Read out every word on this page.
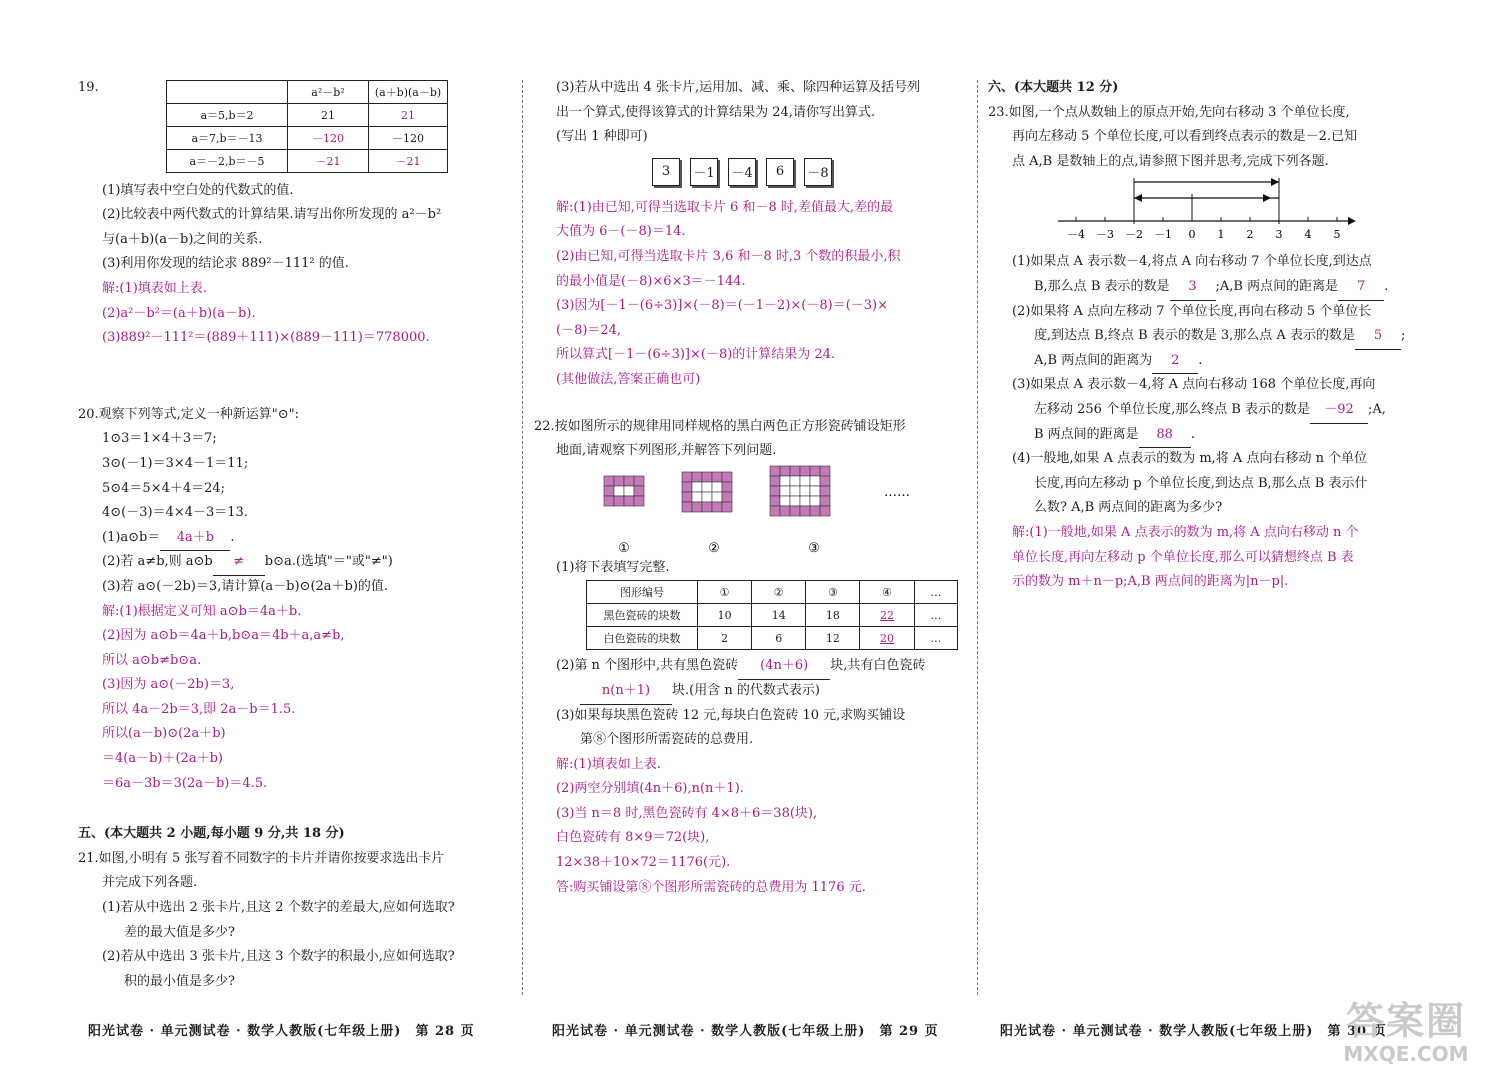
19.
		a²－b²	(a＋b)(a－b)
a＝5,b＝2	21	21
a＝7,b＝－13	－120	－120
a＝－2,b＝－5	－21	－21
(1)填写表中空白处的代数式的值.
(2)比较表中两代数式的计算结果.请写出你所发现的 a²－b²
与(a＋b)(a－b)之间的关系.
(3)利用你发现的结论求 889²－111² 的值.
解:(1)填表如上表.
(2)a²－b²＝(a＋b)(a－b).
(3)889²－111²＝(889＋111)×(889－111)＝778000.
20.观察下列等式,定义一种新运算"⊙":
1⊙3＝1×4＋3＝7;
3⊙(－1)＝3×4－1＝11;
5⊙4＝5×4＋4＝24;
4⊙(－3)＝4×4－3＝13.
(1)a⊙b＝ 4a＋b .
(2)若 a≠b,则 a⊙b ≠ b⊙a.(选填"＝"或"≠")
(3)若 a⊙(－2b)＝3,请计算(a－b)⊙(2a＋b)的值.
解:(1)根据定义可知 a⊙b＝4a＋b.
(2)因为 a⊙b＝4a＋b,b⊙a＝4b＋a,a≠b,
所以 a⊙b≠b⊙a.
(3)因为 a⊙(－2b)＝3,
所以 4a－2b＝3,即 2a－b＝1.5.
所以(a－b)⊙(2a＋b)
＝4(a－b)＋(2a＋b)
＝6a－3b＝3(2a－b)＝4.5.
五、(本大题共 2 小题,每小题 9 分,共 18 分)
21.如图,小明有 5 张写着不同数字的卡片并请你按要求选出卡片
并完成下列各题.
(1)若从中选出 2 张卡片,且这 2 个数字的差最大,应如何选取?
差的最大值是多少?
(2)若从中选出 3 张卡片,且这 3 个数字的积最小,应如何选取?
积的最小值是多少?
(3)若从中选出 4 张卡片,运用加、减、乘、除四种运算及括号列
出一个算式,使得该算式的计算结果为 24,请你写出算式.
(写出 1 种即可)
3	－1 －4	6	－8
解:(1)由已知,可得当选取卡片 6 和－8 时,差值最大,差的最
大值为 6－(－8)＝14.
(2)由已知,可得当选取卡片 3,6 和－8 时,3 个数的积最小,积
的最小值是(－8)×6×3＝－144.
(3)因为[－1－(6÷3)]×(－8)＝(－1－2)×(－8)＝(－3)×
(－8)＝24,
所以算式[－1－(6÷3)]×(－8)的计算结果为 24.
(其他做法,答案正确也可)
22.按如图所示的规律用同样规格的黑白两色正方形瓷砖铺设矩形
地面,请观察下列图形,并解答下列问题.
①	②	③
……
(1)将下表填写完整.
图形编号	①	②	③	④	…
黑色瓷砖的块数	10	14	18	22	…
白色瓷砖的块数	2	6	12	20	…
(2)第 n 个图形中,共有黑色瓷砖 (4n＋6) 块,共有白色瓷砖
n(n＋1) 块.(用含 n 的代数式表示)
(3)如果每块黑色瓷砖 12 元,每块白色瓷砖 10 元,求购买铺设
第⑧个图形所需瓷砖的总费用.
解:(1)填表如上表.
(2)两空分别填(4n＋6),n(n＋1).
(3)当 n＝8 时,黑色瓷砖有 4×8＋6＝38(块),
白色瓷砖有 8×9＝72(块),
12×38＋10×72＝1176(元).
答:购买铺设第⑧个图形所需瓷砖的总费用为 1176 元.
六、(本大题共 12 分)
23.如图,一个点从数轴上的原点开始,先向右移动 3 个单位长度,
再向左移动 5 个单位长度,可以看到终点表示的数是－2.已知
点 A,B 是数轴上的点,请参照下图并思考,完成下列各题.
－4 －3 －2 －1 0 1 2 3 4 5
(1)如果点 A 表示数－4,将点 A 向右移动 7 个单位长度,到达点
B,那么点 B 表示的数是 3 ;A,B 两点间的距离是 7 .
(2)如果将 A 点向左移动 7 个单位长度,再向右移动 5 个单位长
度,到达点 B,终点 B 表示的数是 3,那么点 A 表示的数是 5 ;
A,B 两点间的距离为 2 .
(3)如果点 A 表示数－4,将 A 点向右移动 168 个单位长度,再向
左移动 256 个单位长度,那么终点 B 表示的数是 －92 ;A,
B 两点间的距离是 88 .
(4)一般地,如果 A 点表示的数为 m,将 A 点向右移动 n 个单位
长度,再向左移动 p 个单位长度,到达点 B,那么点 B 表示什
么数? A,B 两点间的距离为多少?
解:(1)一般地,如果 A 点表示的数为 m,将 A 点向右移动 n 个
单位长度,再向左移动 p 个单位长度,那么可以猜想终点 B 表
示的数为 m＋n－p;A,B 两点间的距离为|n－p|.
阳光试卷 · 单元测试卷 · 数学人教版(七年级上册)　第 28 页	阳光试卷 · 单元测试卷 · 数学人教版(七年级上册)　第 29 页	阳光试卷 · 单元测试卷 · 数学人教版(七年级上册)　第 30 页
答案圈
MXQE.COM
